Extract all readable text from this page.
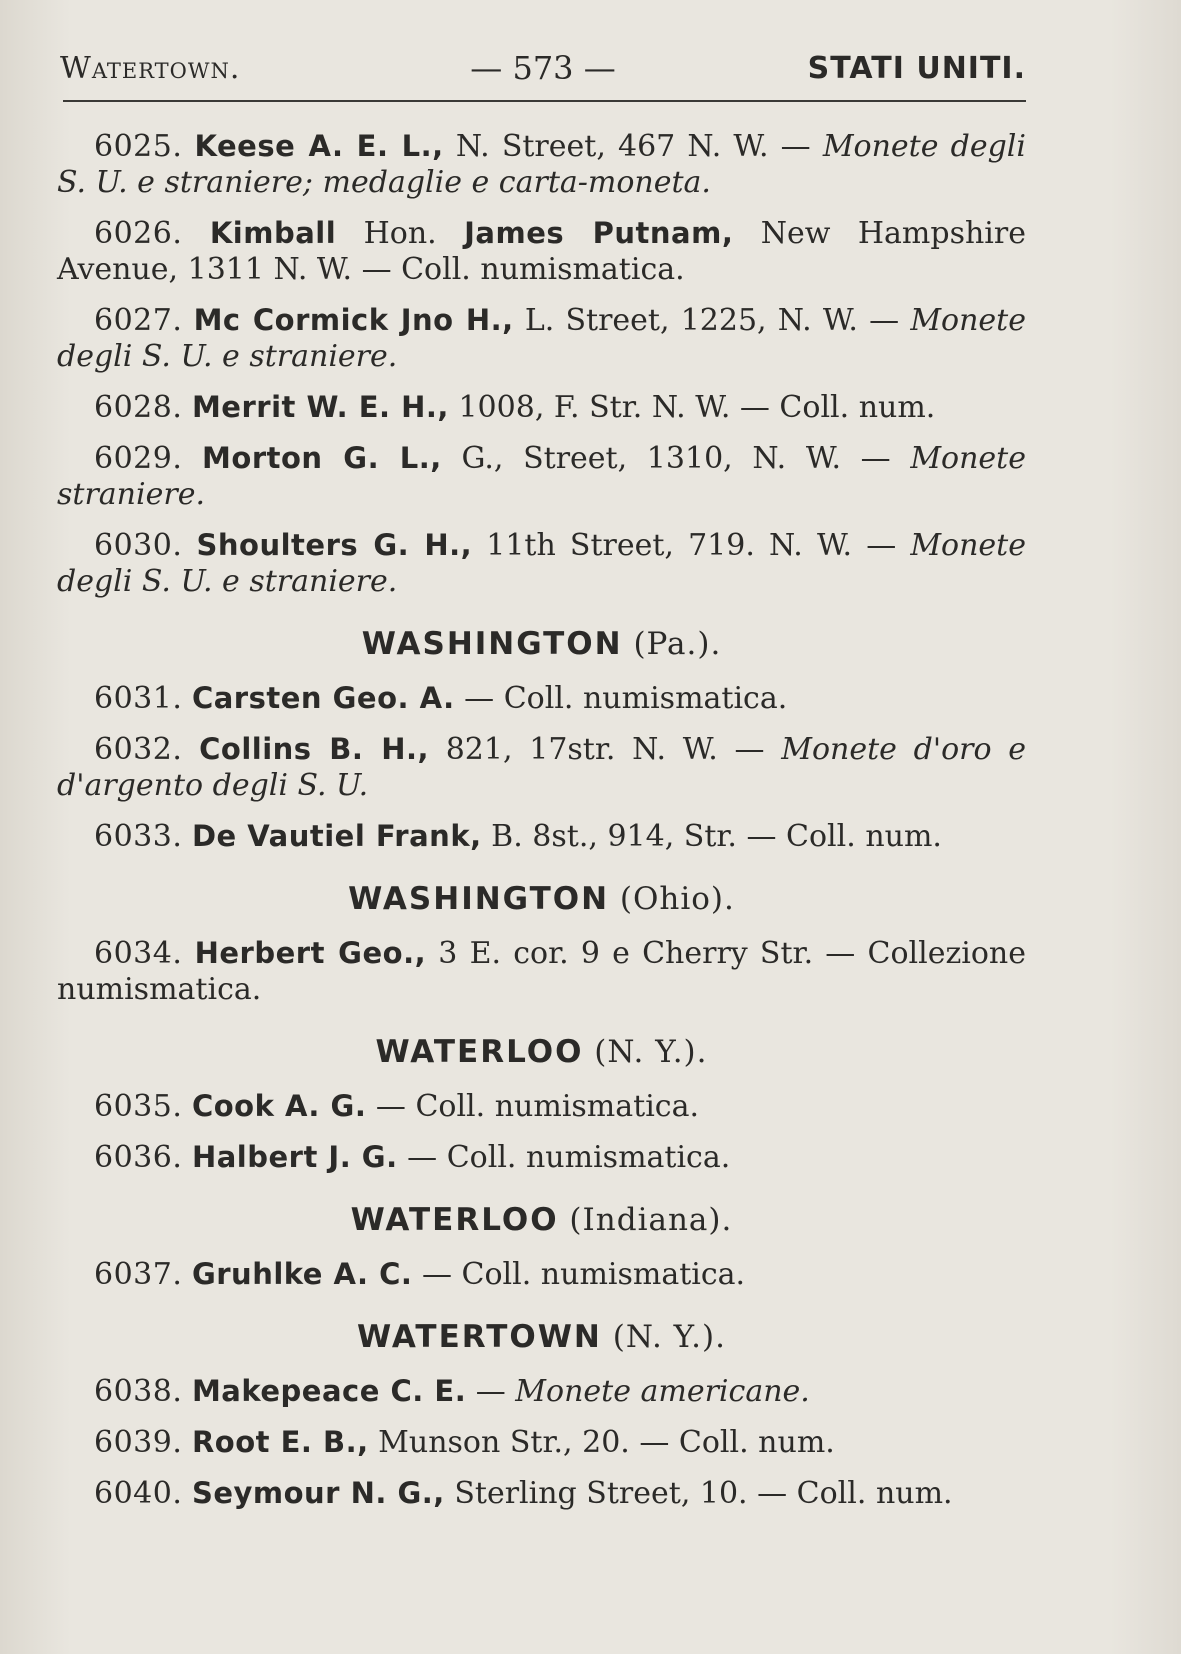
Watertown.	— 573 —	STATI UNITI.

6025. Keese A. E. L., N. Street, 467 N. W. — Monete degli S. U. e straniere; medaglie e carta-moneta.

6026. Kimball Hon. James Putnam, New Hampshire Avenue, 1311 N. W. — Coll. numismatica.

6027. Mc Cormick Jno H., L. Street, 1225, N. W. — Monete degli S. U. e straniere.

6028. Merrit W. E. H., 1008, F. Str. N. W. — Coll. num.

6029. Morton G. L., G., Street, 1310, N. W. — Monete straniere.

6030. Shoulters G. H., 11th Street, 719. N. W. — Monete degli S. U. e straniere.

WASHINGTON (Pa.).

6031. Carsten Geo. A. — Coll. numismatica.

6032. Collins B. H., 821, 17str. N. W. — Monete d'oro e d'argento degli S. U.

6033. De Vautiel Frank, B. 8st., 914, Str. — Coll. num.

WASHINGTON (Ohio).

6034. Herbert Geo., 3 E. cor. 9 e Cherry Str. — Collezione numismatica.

WATERLOO (N. Y.).

6035. Cook A. G. — Coll. numismatica.

6036. Halbert J. G. — Coll. numismatica.

WATERLOO (Indiana).

6037. Gruhlke A. C. — Coll. numismatica.

WATERTOWN (N. Y.).

6038. Makepeace C. E. — Monete americane.

6039. Root E. B., Munson Str., 20. — Coll. num.

6040. Seymour N. G., Sterling Street, 10. — Coll. num.
